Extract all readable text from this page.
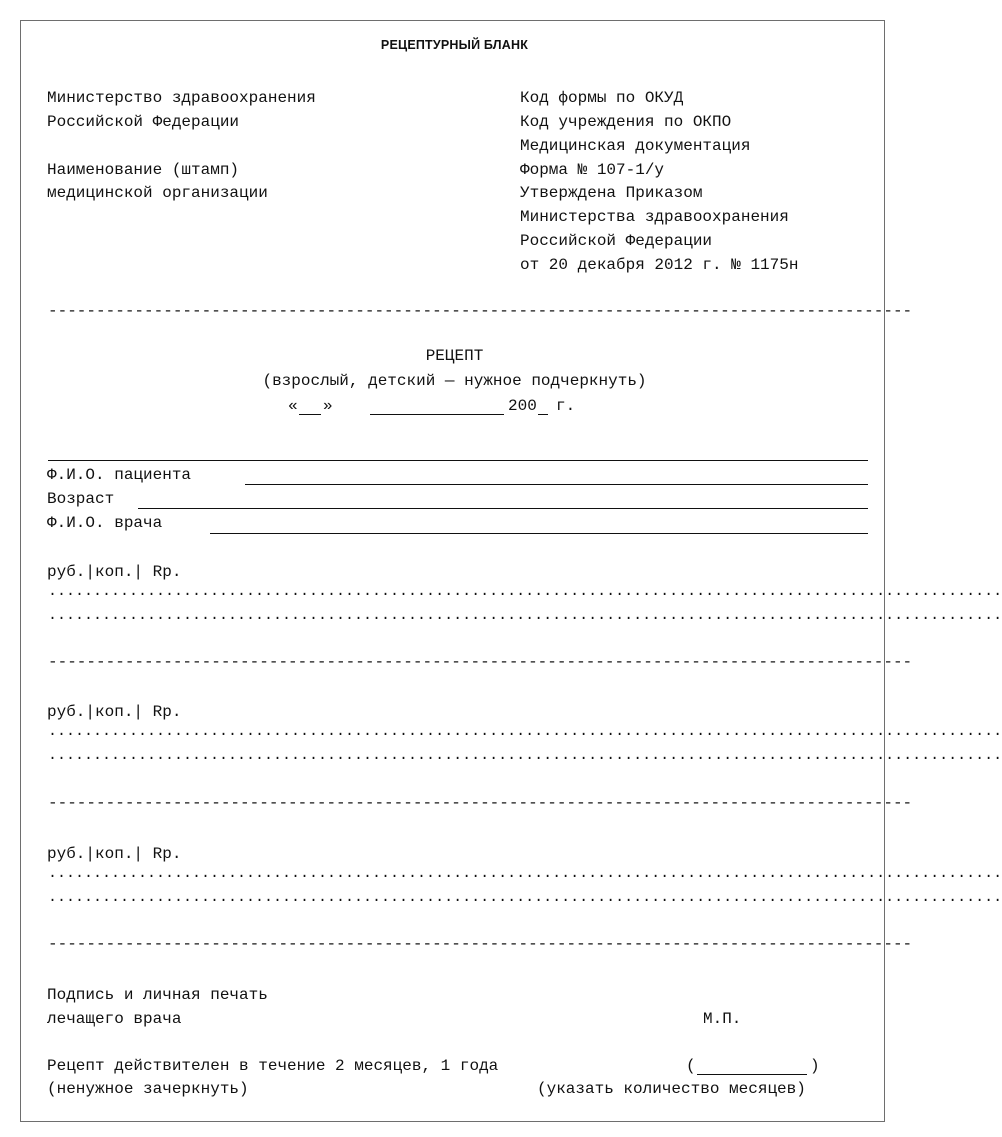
РЕЦЕПТУРНЫЙ БЛАНК
Министерство здравоохранения
Российской Федерации
Наименование (штамп)
медицинской организации
Код формы по ОКУД
Код учреждения по ОКПО
Медицинская документация
Форма № 107-1/у
Утверждена Приказом
Министерства здравоохранения
Российской Федерации
от 20 декабря 2012 г. № 1175н
------------------------------------------------------------------------------------------
РЕЦЕПТ
(взрослый, детский — нужное подчеркнуть)
« »	200 г.
Ф.И.О. пациента
Возраст
Ф.И.О. врача
руб.|коп.| Rp.
..........................................................................................................
..........................................................................................................
------------------------------------------------------------------------------------------
руб.|коп.| Rp.
..........................................................................................................
..........................................................................................................
------------------------------------------------------------------------------------------
руб.|коп.| Rp.
..........................................................................................................
..........................................................................................................
------------------------------------------------------------------------------------------
Подпись и личная печать
лечащего врача	М.П.
Рецепт действителен в течение 2 месяцев, 1 года	(	)
(ненужное зачеркнуть)	(указать количество месяцев)
